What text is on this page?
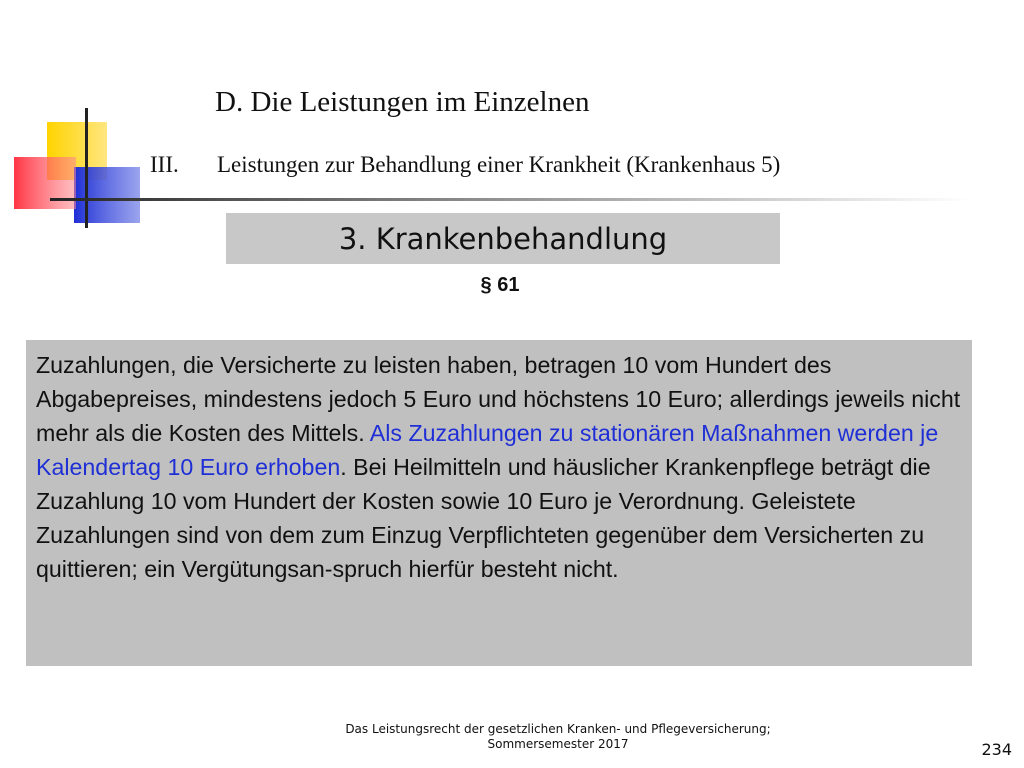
D. Die Leistungen im Einzelnen
III. Leistungen zur Behandlung einer Krankheit (Krankenhaus 5)
3. Krankenbehandlung
§ 61
Zuzahlungen, die Versicherte zu leisten haben, betragen 10 vom Hundert des Abgabepreises, mindestens jedoch 5 Euro und höchstens 10 Euro; allerdings jeweils nicht mehr als die Kosten des Mittels. Als Zuzahlungen zu stationären Maßnahmen werden je Kalendertag 10 Euro erhoben. Bei Heilmitteln und häuslicher Krankenpflege beträgt die Zuzahlung 10 vom Hundert der Kosten sowie 10 Euro je Verordnung. Geleistete Zuzahlungen sind von dem zum Einzug Verpflichteten gegenüber dem Versicherten zu quittieren; ein Vergütungsan-spruch hierfür besteht nicht.
Das Leistungsrecht der gesetzlichen Kranken- und Pflegeversicherung;
Sommersemester 2017	234
